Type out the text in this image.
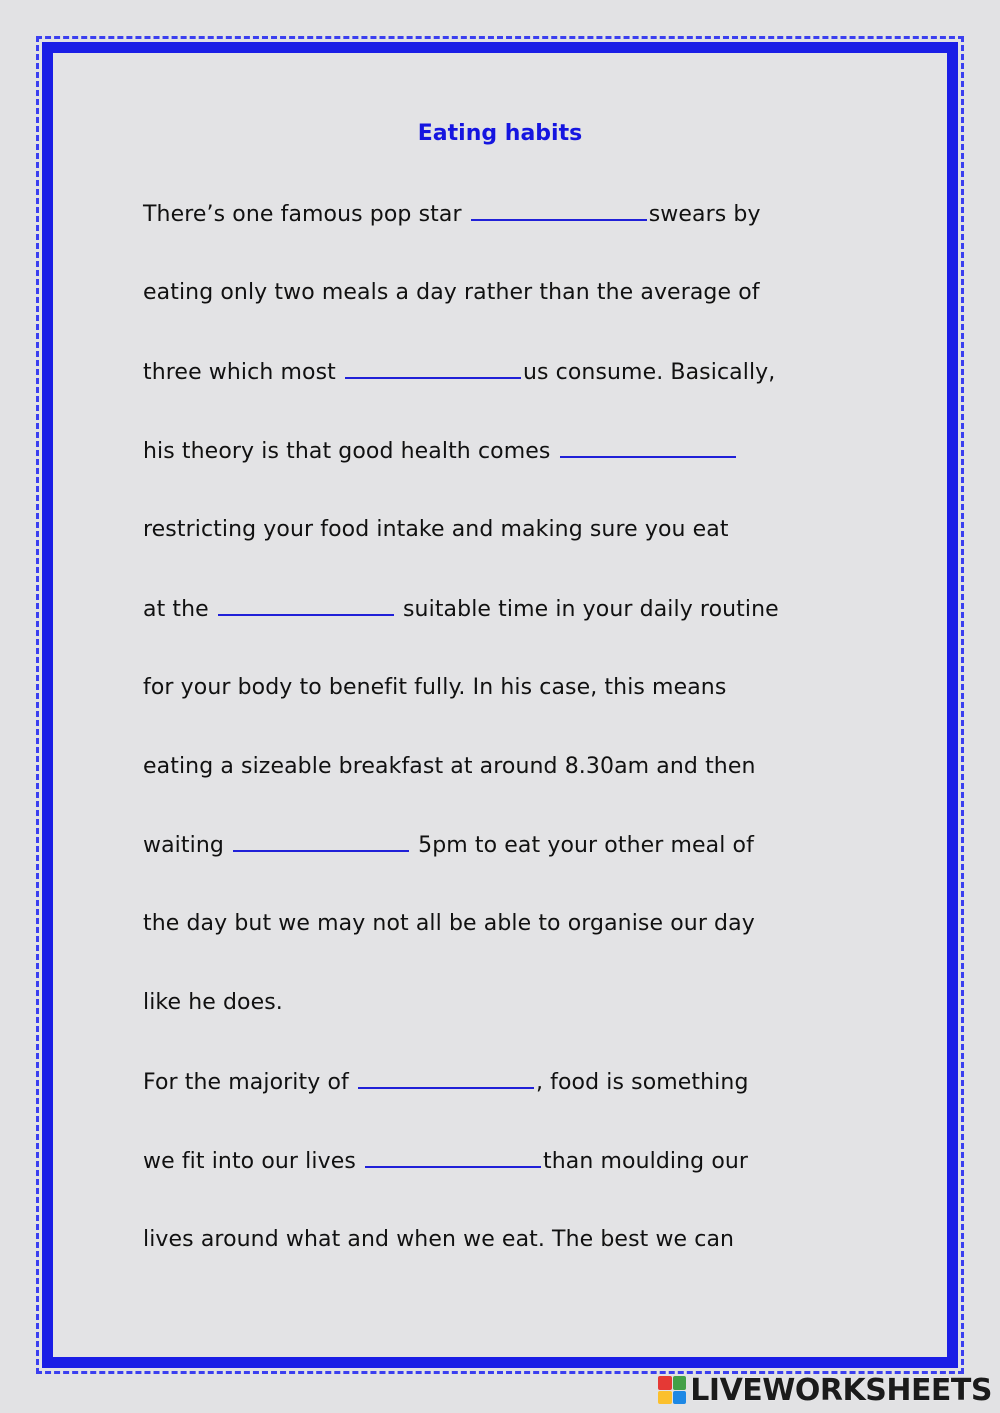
Eating habits
There’s one famous pop star	swears by
eating only two meals a day rather than the average of
three which most	us consume. Basically,
his theory is that good health comes
restricting your food intake and making sure you eat
at the	suitable time in your daily routine
for your body to benefit fully. In his case, this means
eating a sizeable breakfast at around 8.30am and then
waiting	5pm to eat your other meal of
the day but we may not all be able to organise our day
like he does.
For the majority of	, food is something
we fit into our lives	than moulding our
lives around what and when we eat. The best we can
LIVEWORKSHEETS
